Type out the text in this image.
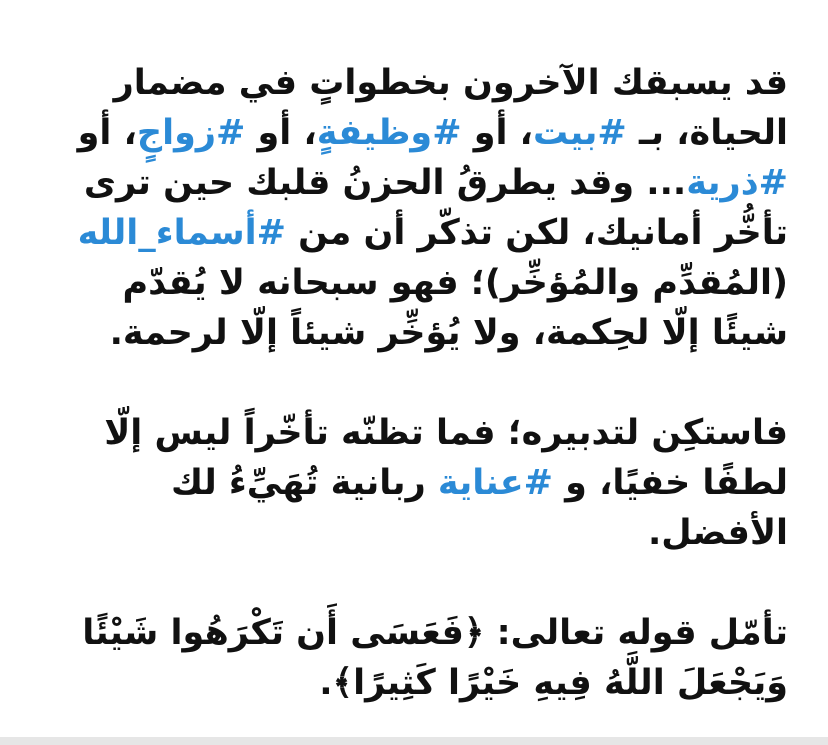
قد يسبقك الآخرون بخطواتٍ في مضمار الحياة، بـ #بيت، أو #وظيفةٍ، أو #زواجٍ، أو #ذرية... وقد يطرقُ الحزنُ قلبك حين ترى تأخُّر أمانيك، لكن تذكّر أن من #أسماء_الله (المُقدِّم والمُؤخِّر)؛ فهو سبحانه لا يُقدّم شيئًا إلّا لحِكمة، ولا يُؤخِّر شيئاً إلّا لرحمة.

فاستكِن لتدبيره؛ فما تظنّه تأخّراً ليس إلّا لطفًا خفيًا، و #عناية ربانية تُهَيِّءُ لك الأفضل.

تأمّل قوله تعالى: ﴿فَعَسَى أَن تَكْرَهُوا شَيْئًا وَيَجْعَلَ اللَّهُ فِيهِ خَيْرًا كَثِيرًا﴾.
